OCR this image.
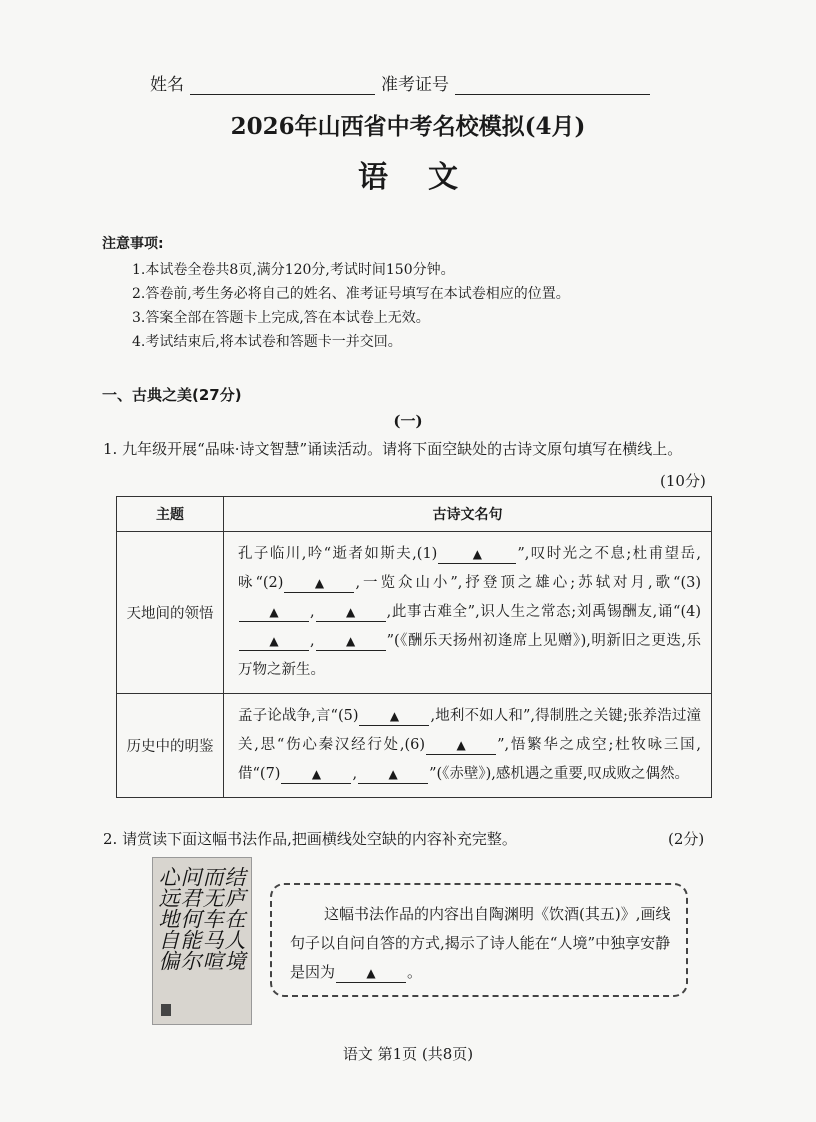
姓名	准考证号
2026年山西省中考名校模拟(4月)
语文
注意事项:
1.本试卷全卷共8页,满分120分,考试时间150分钟。
2.答卷前,考生务必将自己的姓名、准考证号填写在本试卷相应的位置。
3.答案全部在答题卡上完成,答在本试卷上无效。
4.考试结束后,将本试卷和答题卡一并交回。
一、古典之美(27分)
(一)
1. 九年级开展“品味·诗文智慧”诵读活动。请将下面空缺处的古诗文原句填写在横线上。
(10分)
主题	古诗文名句
天地间的领悟	孔子临川,吟“逝者如斯夫,(1) ▲ ”,叹时光之不息;杜甫望岳,咏“(2) ▲ ,一览众山小”,抒登顶之雄心;苏轼对月,歌“(3)▲ , ▲ ,此事古难全”,识人生之常态;刘禹锡酬友,诵“(4)▲ , ▲ ”(《酬乐天扬州初逢席上见赠》),明新旧之更迭,乐万物之新生。
历史中的明鉴	孟子论战争,言“(5) ▲ ,地利不如人和”,得制胜之关键;张养浩过潼关,思“伤心秦汉经行处,(6) ▲ ”,悟繁华之成空;杜牧咏三国,借“(7) ▲ , ▲ ”(《赤壁》),感机遇之重要,叹成败之偶然。
2. 请赏读下面这幅书法作品,把画横线处空缺的内容补充完整。	(2分)
结庐在人境
而无车马喧
问君何能尔
心远地自偏	这幅书法作品的内容出自陶渊明《饮酒(其五)》,画线句子以自问自答的方式,揭示了诗人能在“人境”中独享安静是因为	▲ 。
语文 第1页 (共8页)
